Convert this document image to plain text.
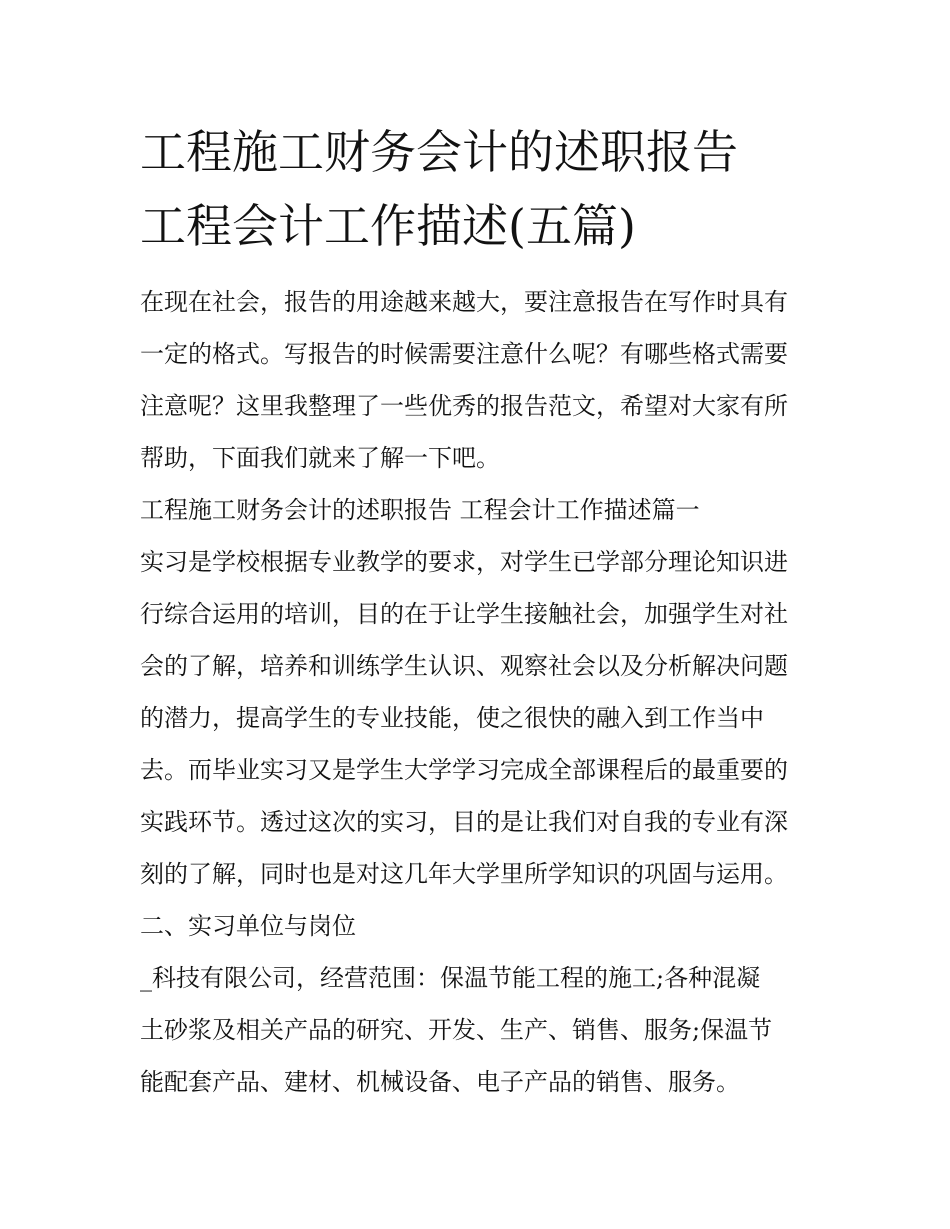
工程施工财务会计的述职报告
工程会计工作描述(五篇)
在现在社会，报告的用途越来越大，要注意报告在写作时具有
一定的格式。写报告的时候需要注意什么呢？有哪些格式需要
注意呢？这里我整理了一些优秀的报告范文，希望对大家有所
帮助，下面我们就来了解一下吧。
工程施工财务会计的述职报告 工程会计工作描述篇一
实习是学校根据专业教学的要求，对学生已学部分理论知识进
行综合运用的培训，目的在于让学生接触社会，加强学生对社
会的了解，培养和训练学生认识、观察社会以及分析解决问题
的潜力，提高学生的专业技能，使之很快的融入到工作当中
去。而毕业实习又是学生大学学习完成全部课程后的最重要的
实践环节。透过这次的实习，目的是让我们对自我的专业有深
刻的了解，同时也是对这几年大学里所学知识的巩固与运用。
二、实习单位与岗位
_科技有限公司，经营范围：保温节能工程的施工;各种混凝
土砂浆及相关产品的研究、开发、生产、销售、服务;保温节
能配套产品、建材、机械设备、电子产品的销售、服务。
